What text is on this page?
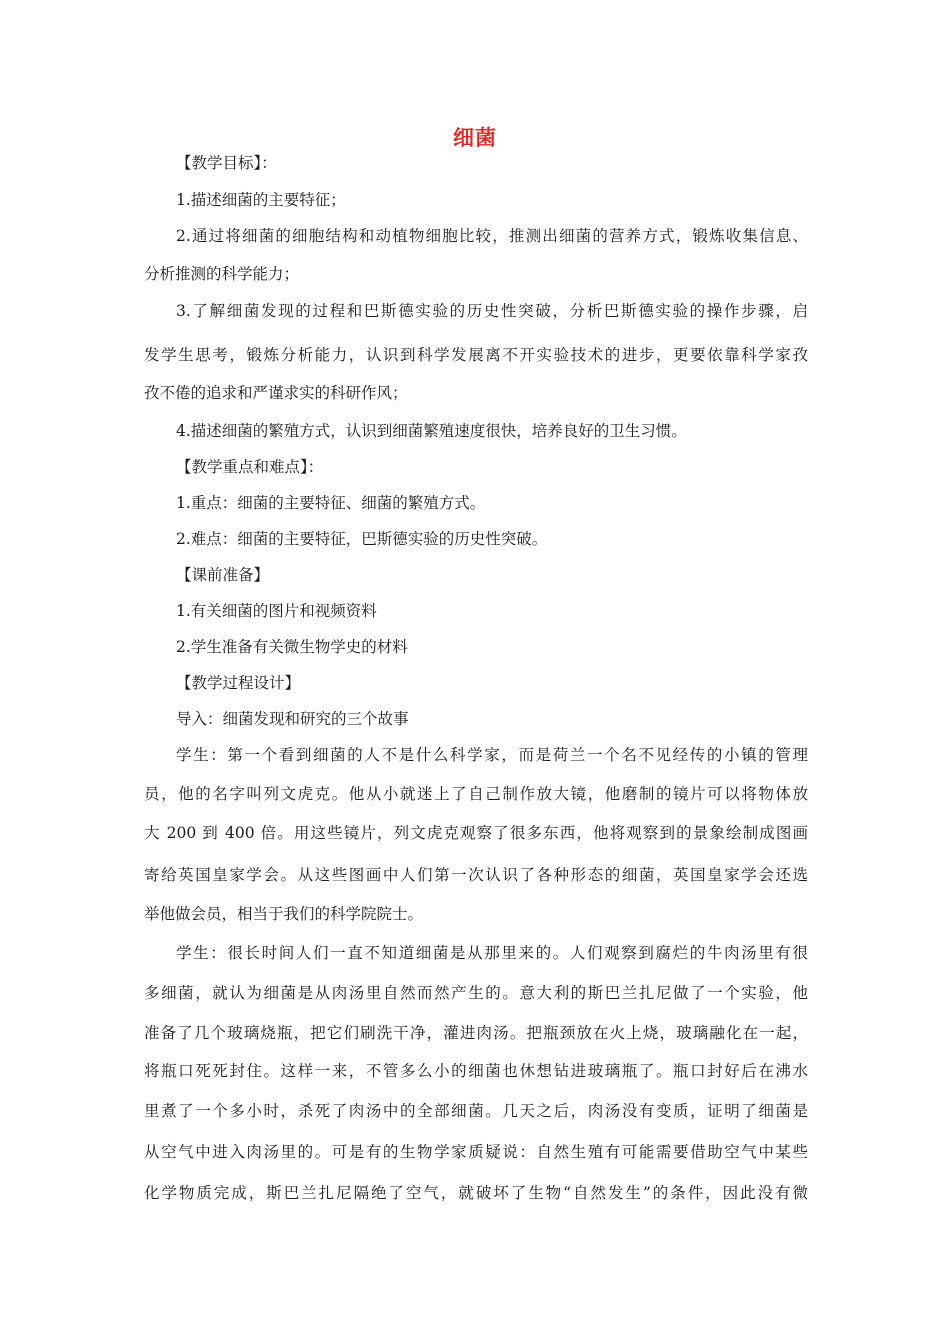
细菌
【教学目标】：
1.描述细菌的主要特征；
2.通过将细菌的细胞结构和动植物细胞比较，推测出细菌的营养方式，锻炼收集信息、
分析推测的科学能力；
3.了解细菌发现的过程和巴斯德实验的历史性突破，分析巴斯德实验的操作步骤，启
发学生思考，锻炼分析能力，认识到科学发展离不开实验技术的进步，更要依靠科学家孜
孜不倦的追求和严谨求实的科研作风；
4.描述细菌的繁殖方式，认识到细菌繁殖速度很快，培养良好的卫生习惯。
【教学重点和难点】：
1.重点：细菌的主要特征、细菌的繁殖方式。
2.难点：细菌的主要特征，巴斯德实验的历史性突破。
【课前准备】
1.有关细菌的图片和视频资料
2.学生准备有关微生物学史的材料
【教学过程设计】
导入：细菌发现和研究的三个故事
学生：第一个看到细菌的人不是什么科学家，而是荷兰一个名不见经传的小镇的管理
员，他的名字叫列文虎克。他从小就迷上了自己制作放大镜，他磨制的镜片可以将物体放
大 200 到 400 倍。用这些镜片，列文虎克观察了很多东西，他将观察到的景象绘制成图画
寄给英国皇家学会。从这些图画中人们第一次认识了各种形态的细菌，英国皇家学会还选
举他做会员，相当于我们的科学院院士。
学生：很长时间人们一直不知道细菌是从那里来的。人们观察到腐烂的牛肉汤里有很
多细菌，就认为细菌是从肉汤里自然而然产生的。意大利的斯巴兰扎尼做了一个实验，他
准备了几个玻璃烧瓶，把它们刷洗干净，灌进肉汤。把瓶颈放在火上烧，玻璃融化在一起，
将瓶口死死封住。这样一来，不管多么小的细菌也休想钻进玻璃瓶了。瓶口封好后在沸水
里煮了一个多小时，杀死了肉汤中的全部细菌。几天之后，肉汤没有变质，证明了细菌是
从空气中进入肉汤里的。可是有的生物学家质疑说：自然生殖有可能需要借助空气中某些
化学物质完成，斯巴兰扎尼隔绝了空气，就破坏了生物“自然发生”的条件，因此没有微
